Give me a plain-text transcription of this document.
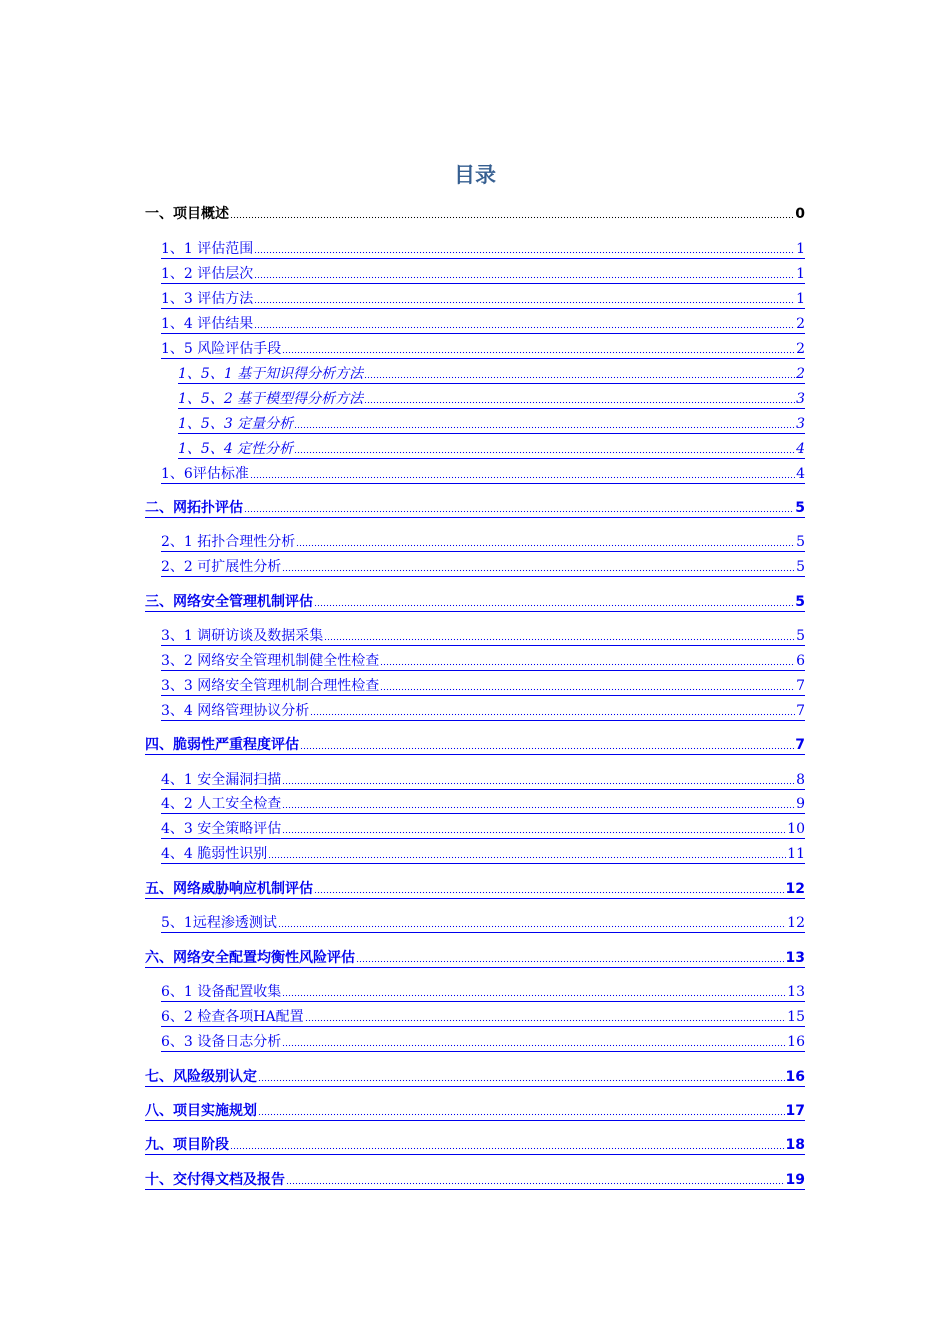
目录
一、项目概述	0
1、1 评估范围	1
1、2 评估层次	1
1、3 评估方法	1
1、4 评估结果	2
1、5 风险评估手段	2
1、5、1 基于知识得分析方法	2
1、5、2 基于模型得分析方法	3
1、5、3 定量分析	3
1、5、4 定性分析	4
1、6评估标准	4
二、网拓扑评估	5
2、1 拓扑合理性分析	5
2、2 可扩展性分析	5
三、网络安全管理机制评估	5
3、1 调研访谈及数据采集	5
3、2 网络安全管理机制健全性检查	6
3、3 网络安全管理机制合理性检查	7
3、4 网络管理协议分析	7
四、脆弱性严重程度评估	7
4、1 安全漏洞扫描	8
4、2 人工安全检查	9
4、3 安全策略评估	10
4、4 脆弱性识别	11
五、网络威胁响应机制评估	12
5、1远程渗透测试	12
六、网络安全配置均衡性风险评估	13
6、1 设备配置收集	13
6、2 检查各项HA配置	15
6、3 设备日志分析	16
七、风险级别认定	16
八、项目实施规划	17
九、项目阶段	18
十、交付得文档及报告	19
